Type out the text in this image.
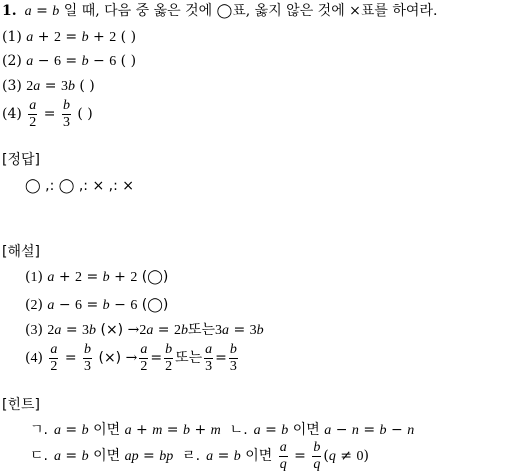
1. a = b 일 때, 다음 중 옳은 것에 ◯표, 옳지 않은 것에 ×표를 하여라.
(1) a + 2 = b + 2 ( )
(2) a − 6 = b − 6 ( )
(3) 2a = 3b ( )
$(4) \frac{a}{2} = \frac{b}{3}$ ( )
[정답]
◯ ,: ◯ ,: × ,: ×
[해설]
(1) a + 2 = b + 2 (◯)
(2) a − 6 = b − 6 (◯)
(3) 2a = 3b (×) →2a = 2b또는3a = 3b
$(4) \frac{a}{2} = \frac{b}{3}$ (×) → $\frac{a}{2} = \frac{b}{2}$ 또는 $\frac{a}{3} = \frac{b}{3}$
[힌트]
ㄱ. a = b 이면 a + m = b + m ㄴ. a = b 이면 a − n = b − n
ㄷ. a = b 이면 ap = bp ㄹ. a = b 이면 $\frac{a}{q} = \frac{b}{q} (q \ne 0)$
